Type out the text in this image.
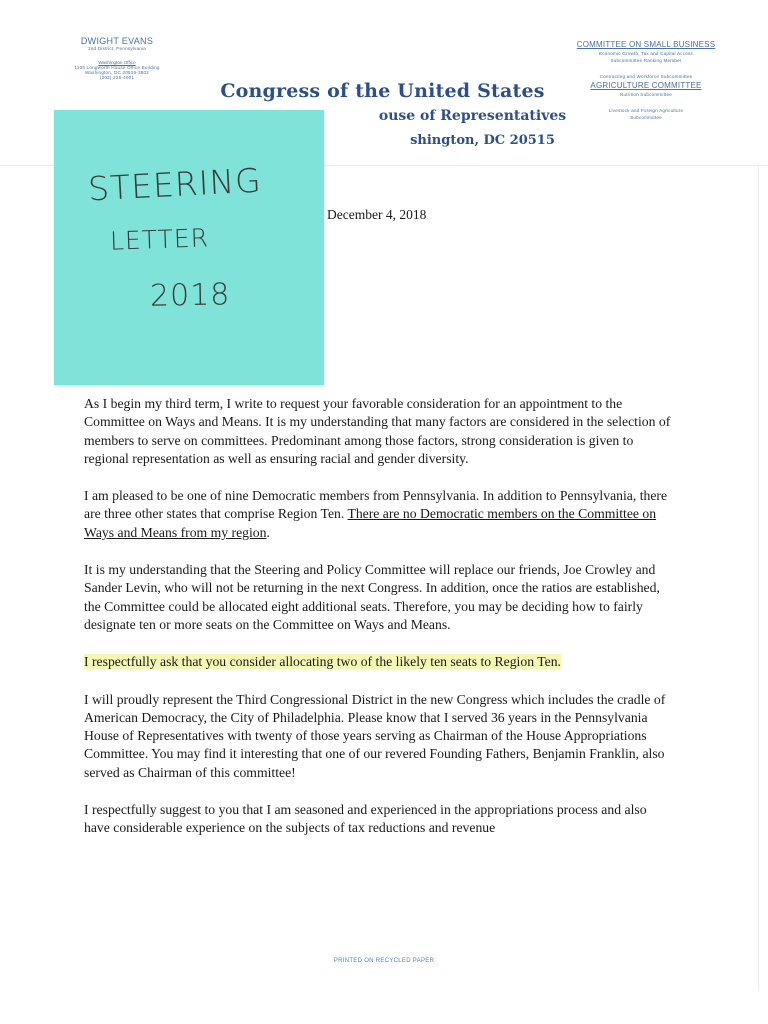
DWIGHT EVANS
2nd District, Pennsylvania
Washington Office
1105 Longworth House Office Building
Washington, DC 20515-3802
(202) 225-4001
Congress of the United States
ouse of Representatives
shington, DC 20515
COMMITTEE ON SMALL BUSINESS
Economic Growth, Tax and Capital Access
Subcommittee Ranking Member
Contracting and Workforce Subcommittee
AGRICULTURE COMMITTEE
Nutrition Subcommittee
Livestock and Foreign Agriculture
Subcommittee
December 4, 2018
STEERING
LETTER
2018

As I begin my third term, I write to request your favorable consideration for an appointment to the Committee on Ways and Means. It is my understanding that many factors are considered in the selection of members to serve on committees. Predominant among those factors, strong consideration is given to regional representation as well as ensuring racial and gender diversity.

I am pleased to be one of nine Democratic members from Pennsylvania. In addition to Pennsylvania, there are three other states that comprise Region Ten. There are no Democratic members on the Committee on Ways and Means from my region.

It is my understanding that the Steering and Policy Committee will replace our friends, Joe Crowley and Sander Levin, who will not be returning in the next Congress. In addition, once the ratios are established, the Committee could be allocated eight additional seats. Therefore, you may be deciding how to fairly designate ten or more seats on the Committee on Ways and Means.

I respectfully ask that you consider allocating two of the likely ten seats to Region Ten.

I will proudly represent the Third Congressional District in the new Congress which includes the cradle of American Democracy, the City of Philadelphia. Please know that I served 36 years in the Pennsylvania House of Representatives with twenty of those years serving as Chairman of the House Appropriations Committee. You may find it interesting that one of our revered Founding Fathers, Benjamin Franklin, also served as Chairman of this committee!

I respectfully suggest to you that I am seasoned and experienced in the appropriations process and also have considerable experience on the subjects of tax reductions and revenue

PRINTED ON RECYCLED PAPER
